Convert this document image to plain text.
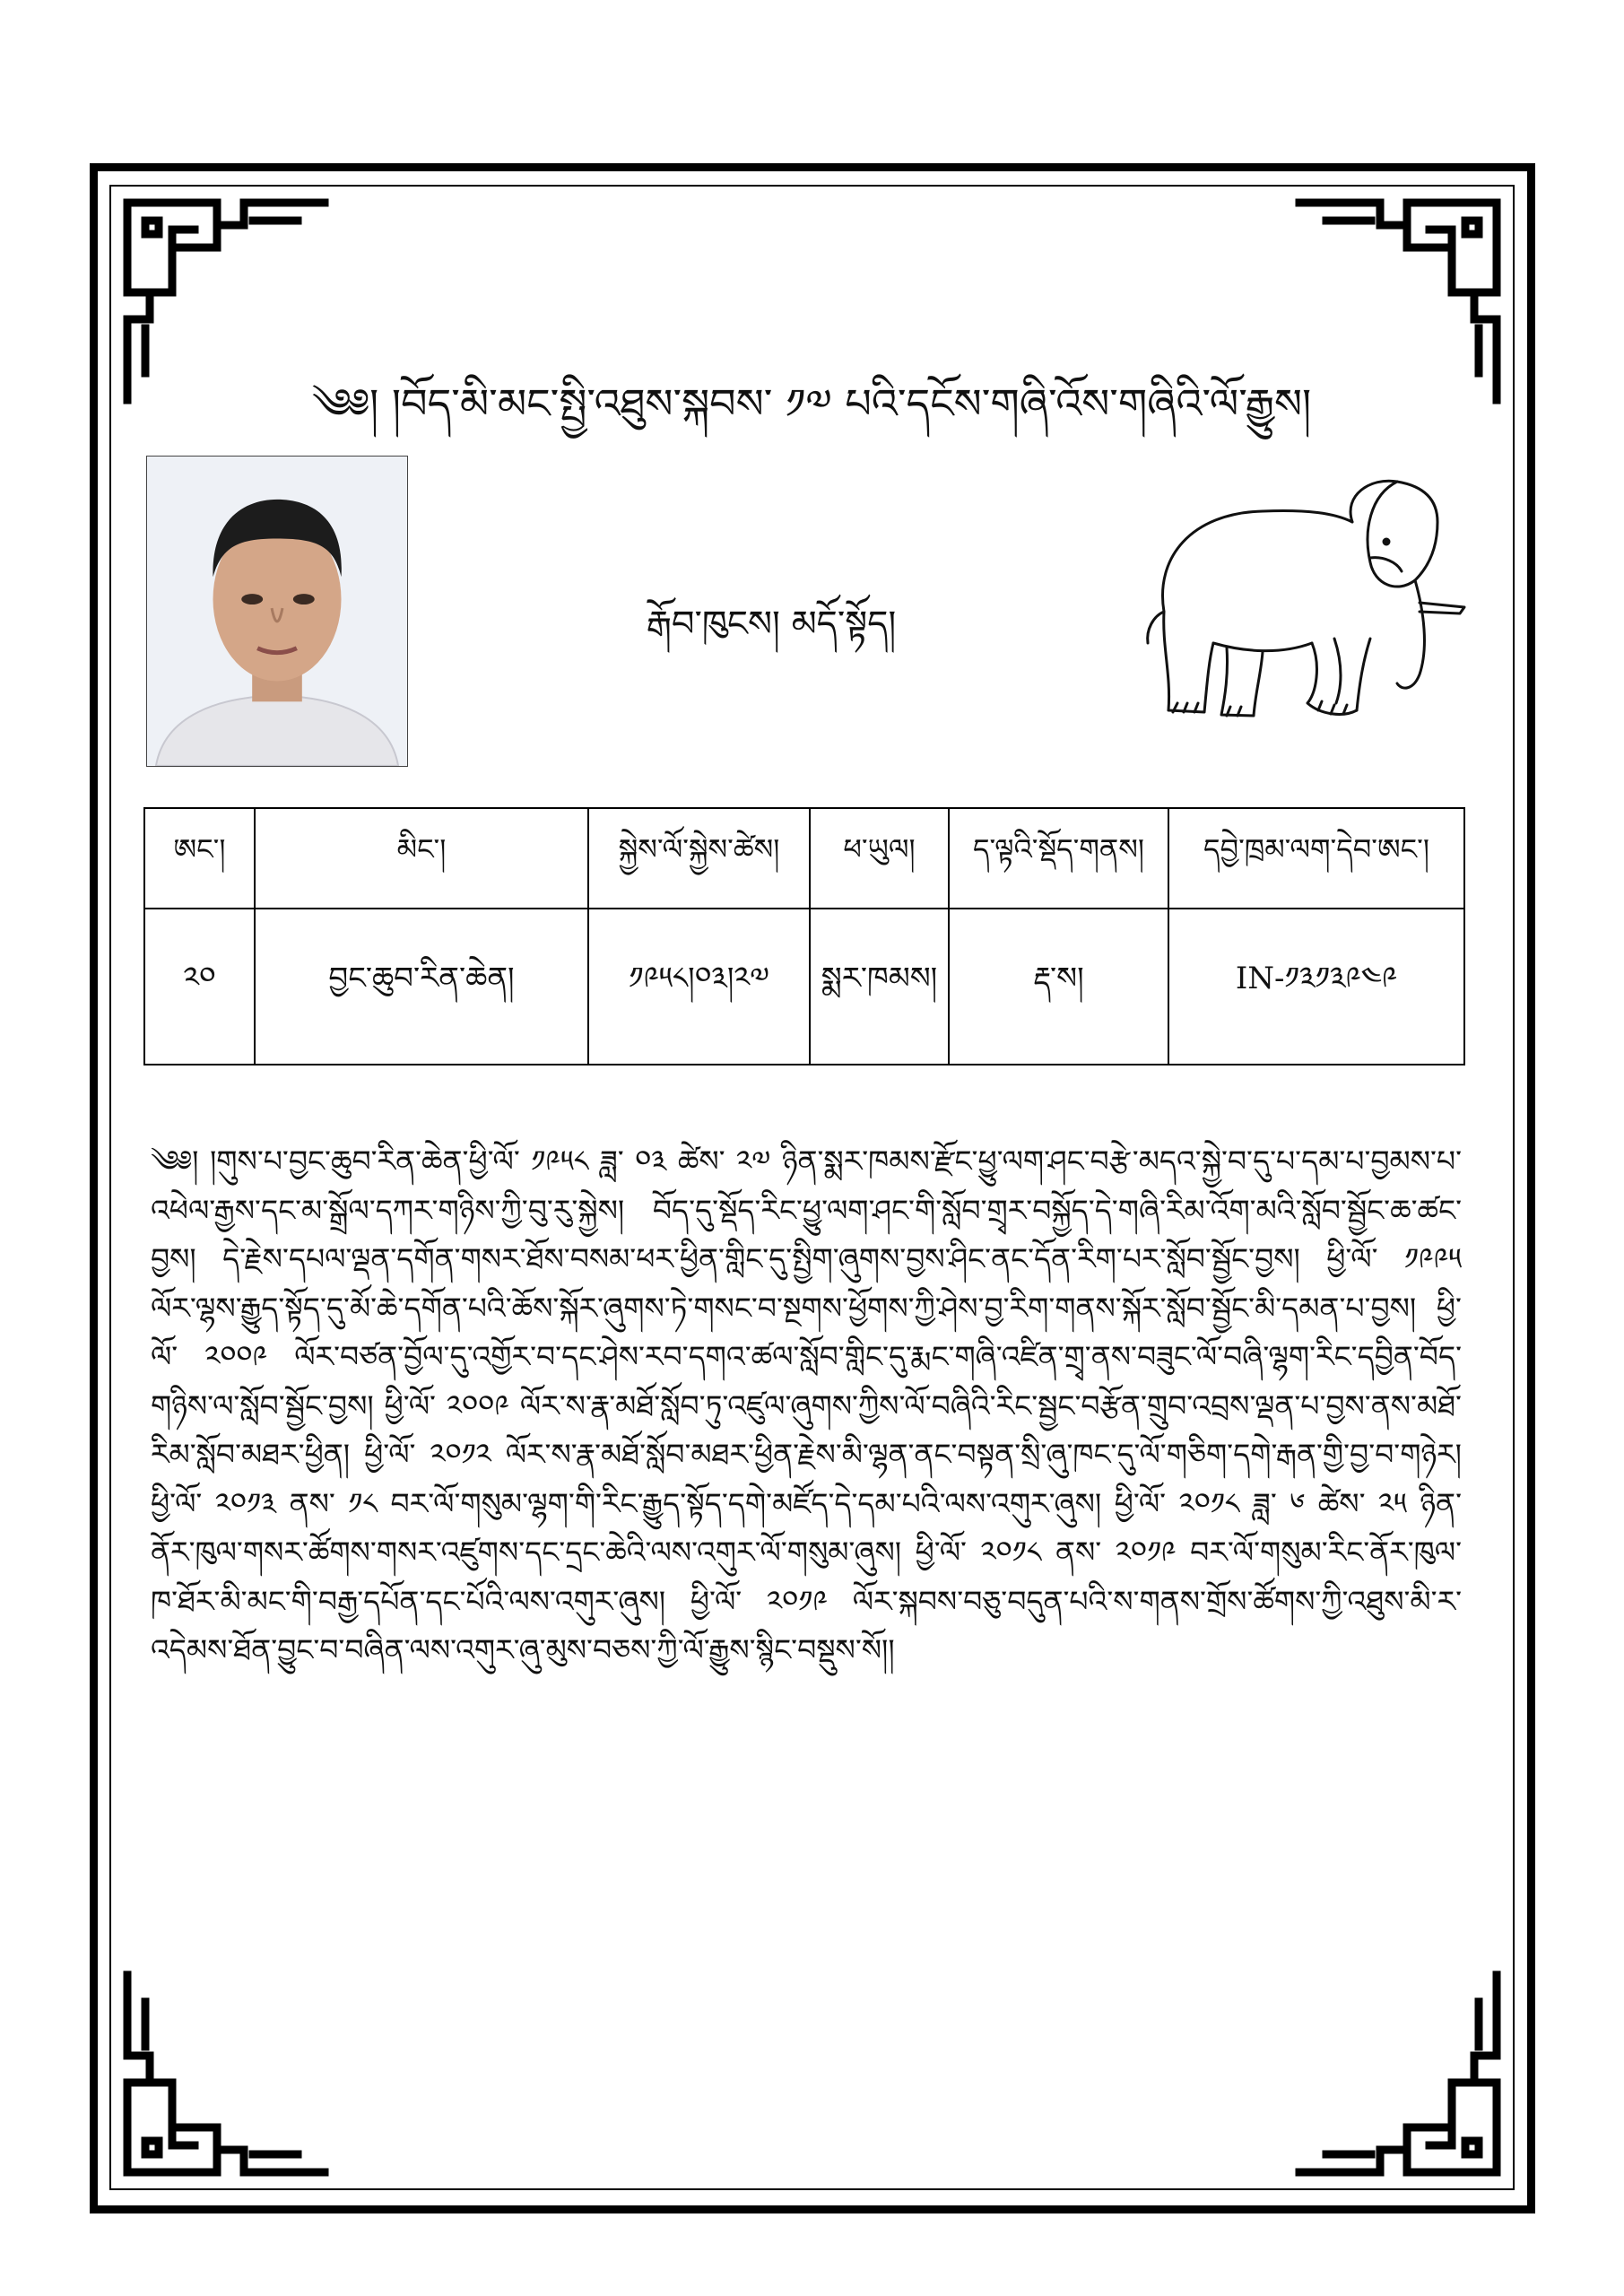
༄༅། །བོད་མི་མང་སྤྱི་འཐུས་སྐབས་ ༡༧ པའི་དངོས་གཞི་འོས་གཞིའི་ལོ་རྒྱུས།
རྒོབ་ཁུངས། མདོ་སྟོད།
ཨང་།	མིང་།	སྐྱེས་ལོ་སྐྱེས་ཚེས།	ཕ་ཡུལ།	ད་ལྟའི་སྡོད་གནས།	དབྱེ་ཁྲམ་ལག་དེབ་ཨང་།
༢༠	བྱང་ཆུབ་རིན་ཆེན།	༡༩༥༨།༠༣།༢༧	སྨར་ཁམས།	རྡ་ས།	IN-༡༣༡༣༩༤༩
༄༅། །གུས་པ་བྱང་ཆུབ་རིན་ཆེན་ཕྱི་ལོ་ ༡༩༥༨ ཟླ་ ༠༣ ཚེས་ ༢༧ ཉིན་སྨར་ཁམས་རྫོང་ཕྱུ་ལག་ཤང་བརྩེ་མདའ་སྐྱེ་བ་དུ་པ་དམ་པ་བྱམས་པ་འཕེལ་རྒྱས་དང་མ་སྒྲོལ་དཀར་གཉིས་ཀྱི་བུ་རུ་སྐྱེས། བོད་དུ་སྡོད་རིང་ཕྱུ་ལག་ཤང་གི་སློབ་གྲྭར་བསྐྱོད་དེ་གཞི་རིམ་འོག་མའི་སློབ་སྦྱོང་ཆ་ཚང་བྱས། དེ་རྗེས་དཔལ་ལྡན་དགོན་གསར་ཐོས་བསམ་ཕར་ཕྱིན་གླིང་དུ་སྤྱིག་ཞུགས་བྱས་ཤིང་ནང་དོན་རིག་པར་སློབ་སྦྱོང་བྱས། ཕྱི་ལོ་ ༡༩༩༥ ལོར་ལྷས་རྒྱུད་སྟོད་དུ་མོ་ཆེ་དགོན་པའི་ཆོས་སྐོར་ཞུགས་ཏེ་གསང་བ་སྔགས་ཕྱོགས་ཀྱི་ཤེས་བྱ་རིག་གནས་སྐོར་སློབ་སྦྱོང་མི་དམན་པ་བྱས། ཕྱི་ལོ་ ༢༠༠༩ ལོར་བཙན་བྱོལ་དུ་འགྱོར་བ་དང་ཤེས་རབ་དགའ་ཚལ་སློབ་གླིང་དུ་རྨང་གཞི་འཛིན་གྲྭ་ནས་བཟུང་ལོ་བཞི་ལྷག་རིང་དབྱིན་བོད་གཉིས་ལ་སློབ་སྦྱོང་བྱས། ཕྱི་ལོ་ ༢༠༠༩ ལོར་ས་རྣ་མཐོ་སློབ་ཏུ་འཛུལ་ཞུགས་ཀྱིས་ལོ་བཞིའི་རིང་སྦྱང་བརྩོན་གྲུབ་འབྲས་ལྡན་པ་བྱས་ནས་མཐོ་རིམ་སློབ་མཐར་ཕྱིན། ཕྱི་ལོ་ ༢༠༡༢ ལོར་ས་རྣ་མཐོ་སློབ་མཐར་ཕྱིན་རྗེས་མི་ལྷན་ནང་བསྟན་སྲི་ཞུ་ཁང་དུ་ལོ་གཅིག་དགེ་རྒན་གྱི་བྱ་བ་གཉེར། ཕྱི་ལོ་ ༢༠༡༣ ནས་ ༡༨ བར་ལོ་གསུམ་ལྷག་གི་རིང་རྒྱུད་སྟོད་དགེ་མཛོད་དེ་དམ་པའི་ལས་འགུར་ཞུས། ཕྱི་ལོ་ ༢༠༡༨ ཟླ་ ༦ ཚེས་ ༢༥ ཉིན་ནོར་ཁུལ་གསར་ཚོགས་གསར་འཛུགས་དང་དྲང་ཆེའི་ལས་འགུར་ལོ་གསུམ་ཞུས། ཕྱི་ལོ་ ༢༠༡༨ ནས་ ༢༠༡༩ བར་ལོ་གསུམ་རིང་ནོར་ཁུལ་ཁ་ཐོར་མི་མང་གི་བརྒྱ་དཔོན་དང་པོའི་ལས་འགུར་ཞུས། ཕྱི་ལོ་ ༢༠༡༩ ལོར་སྐབས་བཅུ་བདུན་པའི་ས་གནས་གྲོས་ཚོགས་ཀྱི་འཐུས་མི་ར་འདེམས་ཐོན་བྱུང་བ་བཞིན་ལས་འགུར་ཞུ་མུས་བཅས་ཀྱི་ལོ་རྒྱུས་སྙིང་བསྡུས་སོ།།
